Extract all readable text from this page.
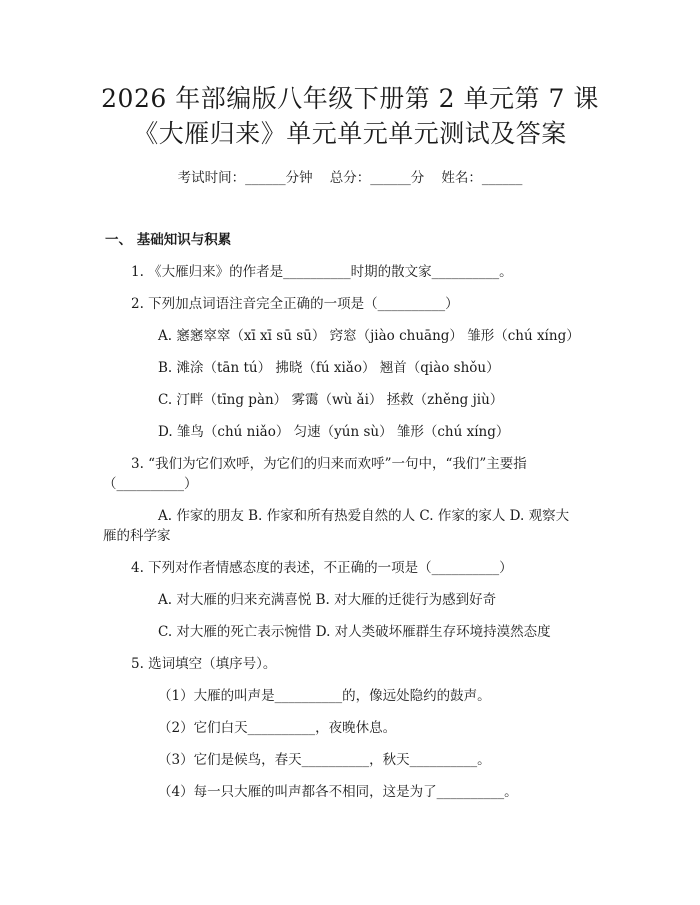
2026 年部编版八年级下册第 2 单元第 7 课
《大雁归来》单元单元单元测试及答案
考试时间：______分钟    总分：______分    姓名：______
一、 基础知识与积累
1. 《大雁归来》的作者是__________时期的散文家__________。
2. 下列加点词语注音完全正确的一项是（__________）
A. 窸窸窣窣（xī xī sū sū） 窍窓（jiào chuāng） 雏形（chú xíng）
B. 滩涂（tān tú） 拂晓（fú xiǎo） 翘首（qiào shǒu）
C. 汀畔（tīng pàn） 雾霭（wù ǎi） 拯救（zhěng jiù）
D. 雏鸟（chú niǎo） 匀速（yún sù） 雏形（chú xíng）
3. “我们为它们欢呼，为它们的归来而欢呼”一句中，“我们”主要指
（__________）
A. 作家的朋友 B. 作家和所有热爱自然的人 C. 作家的家人 D. 观察大
雁的科学家
4. 下列对作者情感态度的表述，不正确的一项是（__________）
A. 对大雁的归来充满喜悦 B. 对大雁的迁徙行为感到好奇
C. 对大雁的死亡表示惋惜 D. 对人类破坏雁群生存环境持漠然态度
5. 选词填空（填序号）。
（1）大雁的叫声是__________的，像远处隐约的鼓声。
（2）它们白天__________，夜晚休息。
（3）它们是候鸟，春天__________，秋天__________。
（4）每一只大雁的叫声都各不相同，这是为了__________。
